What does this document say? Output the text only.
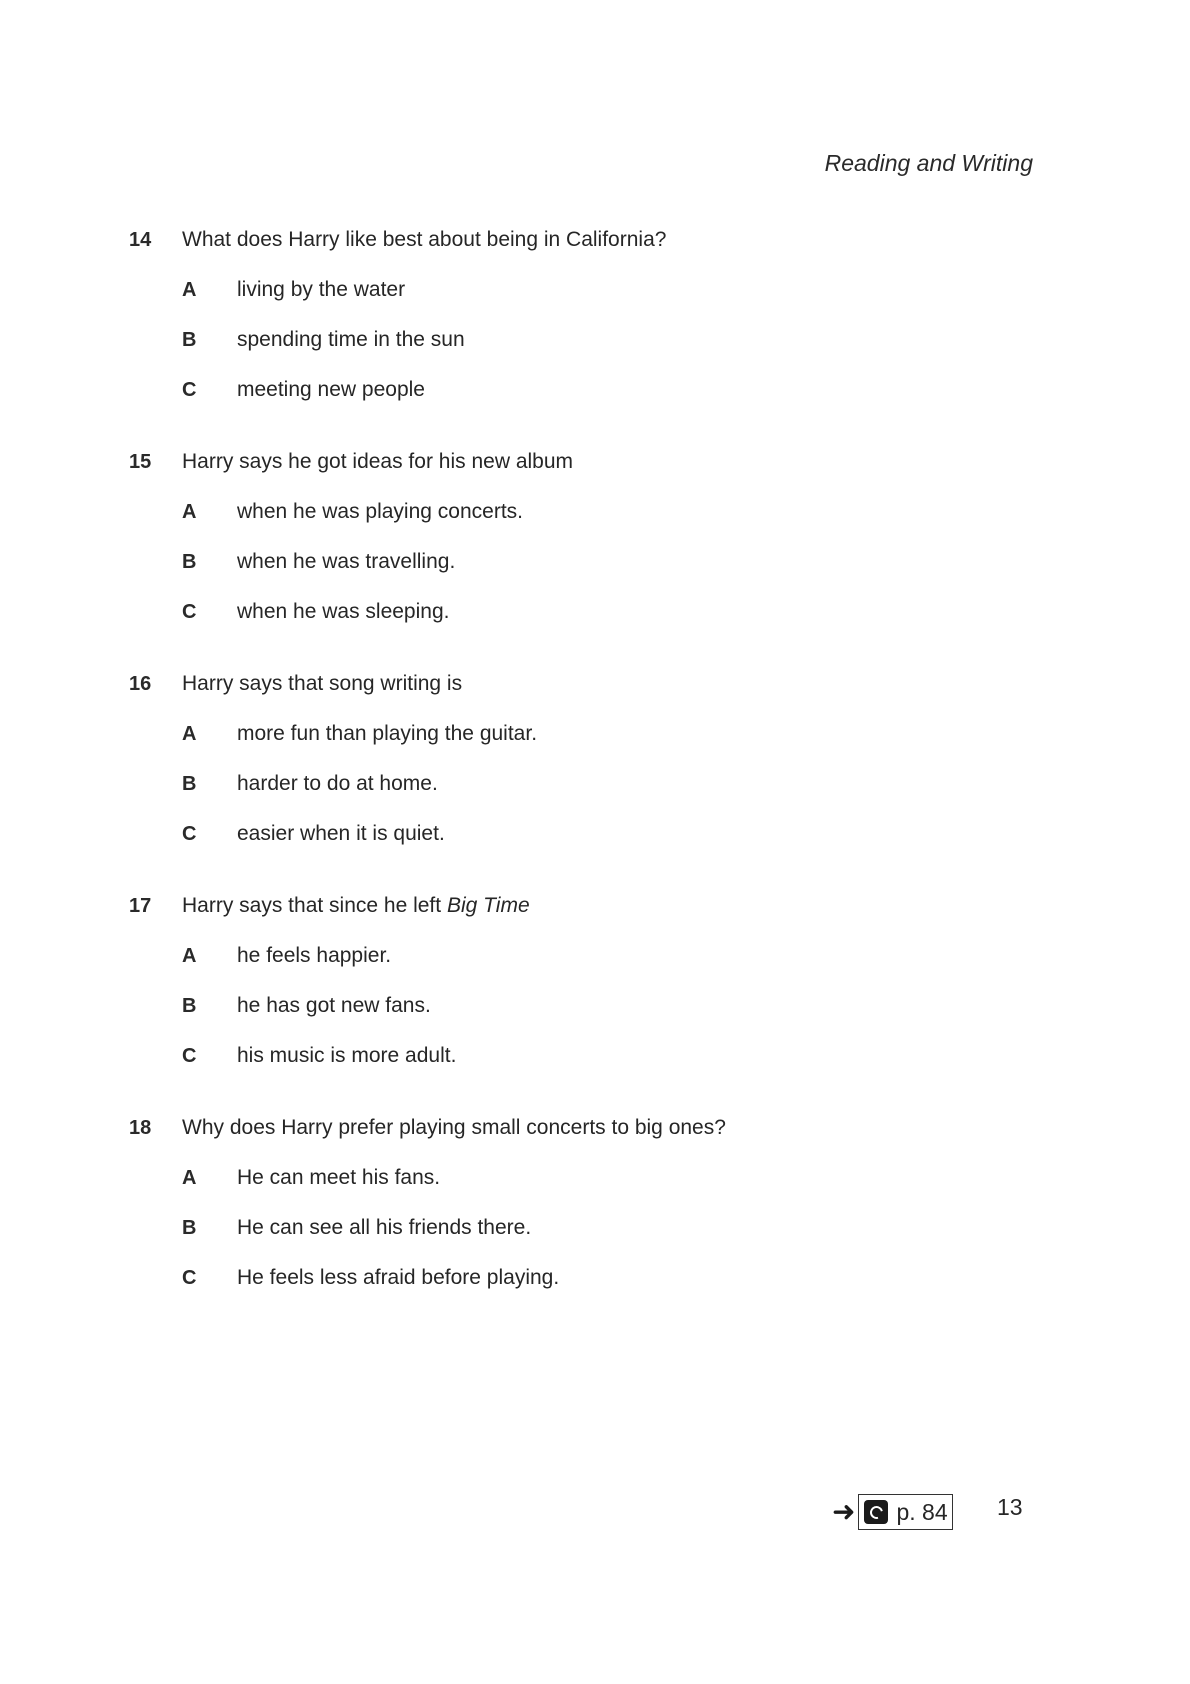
Reading and Writing
14	What does Harry like best about being in California?
A	living by the water
B	spending time in the sun
C	meeting new people
15	Harry says he got ideas for his new album
A	when he was playing concerts.
B	when he was travelling.
C	when he was sleeping.
16	Harry says that song writing is
A	more fun than playing the guitar.
B	harder to do at home.
C	easier when it is quiet.
17	Harry says that since he left Big Time
A	he feels happier.
B	he has got new fans.
C	his music is more adult.
18	Why does Harry prefer playing small concerts to big ones?
A	He can meet his fans.
B	He can see all his friends there.
C	He feels less afraid before playing.
➜ p. 84 13
